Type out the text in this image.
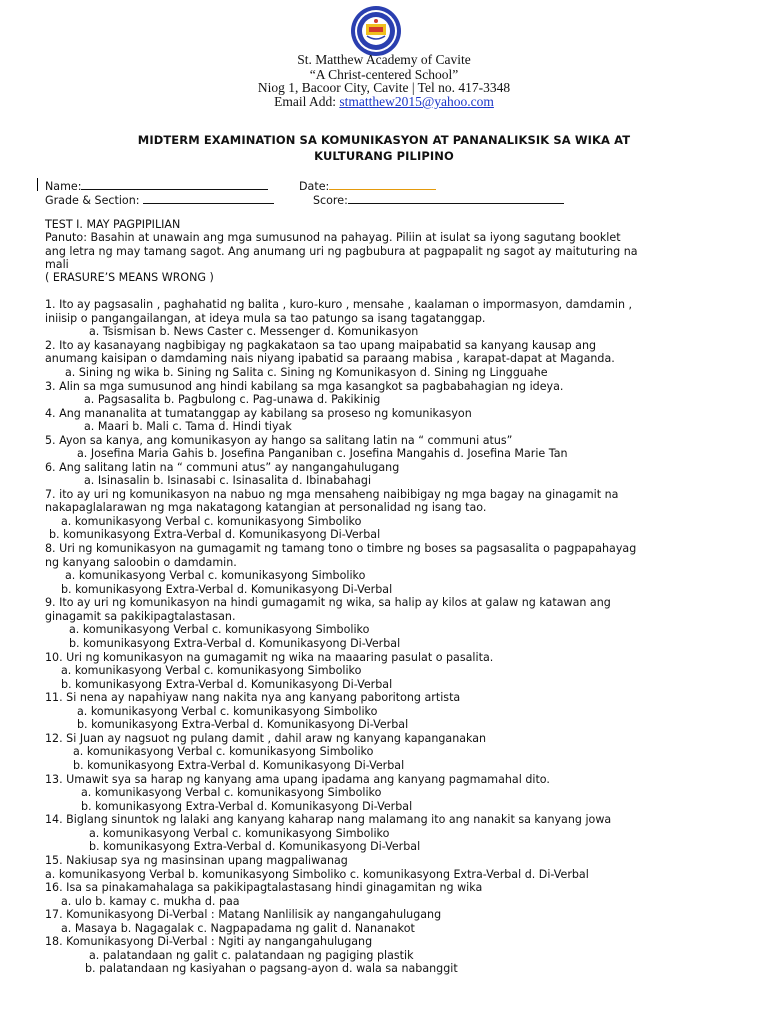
St. Matthew Academy of Cavite
“A Christ-centered School”
Niog 1, Bacoor City, Cavite | Tel no. 417-3348
Email Add: stmatthew2015@yahoo.com
MIDTERM EXAMINATION SA KOMUNIKASYON AT PANANALIKSIK SA WIKA AT
KULTURANG PILIPINO
Name:	Date:
Grade & Section:	Score:
TEST I. MAY PAGPIPILIAN
Panuto: Basahin at unawain ang mga sumusunod na pahayag. Piliin at isulat sa iyong sagutang booklet
ang letra ng may tamang sagot. Ang anumang uri ng pagbubura at pagpapalit ng sagot ay maituturing na
mali
( ERASURE’S MEANS WRONG )
1. Ito ay pagsasalin , paghahatid ng balita , kuro-kuro , mensahe , kaalaman o impormasyon, damdamin ,
iniisip o pangangailangan, at ideya mula sa tao patungo sa isang tagatanggap.
a. Tsismisan b. News Caster c. Messenger d. Komunikasyon
2. Ito ay kasanayang nagbibigay ng pagkakataon sa tao upang maipabatid sa kanyang kausap ang
anumang kaisipan o damdaming nais niyang ipabatid sa paraang mabisa , karapat-dapat at Maganda.
a. Sining ng wika b. Sining ng Salita c. Sining ng Komunikasyon d. Sining ng Lingguahe
3. Alin sa mga sumusunod ang hindi kabilang sa mga kasangkot sa pagbabahagian ng ideya.
a. Pagsasalita b. Pagbulong c. Pag-unawa d. Pakikinig
4. Ang mananalita at tumatanggap ay kabilang sa proseso ng komunikasyon
a. Maari b. Mali c. Tama d. Hindi tiyak
5. Ayon sa kanya, ang komunikasyon ay hango sa salitang latin na “ communi atus”
a. Josefina Maria Gahis b. Josefina Panganiban c. Josefina Mangahis d. Josefina Marie Tan
6. Ang salitang latin na “ communi atus” ay nangangahulugang
a. Isinasalin b. Isinasabi c. Isinasalita d. Ibinabahagi
7. ito ay uri ng komunikasyon na nabuo ng mga mensaheng naibibigay ng mga bagay na ginagamit na
nakapaglalarawan ng mga nakatagong katangian at personalidad ng isang tao.
a. komunikasyong Verbal c. komunikasyong Simboliko
b. komunikasyong Extra-Verbal d. Komunikasyong Di-Verbal
8. Uri ng komunikasyon na gumagamit ng tamang tono o timbre ng boses sa pagsasalita o pagpapahayag
ng kanyang saloobin o damdamin.
a. komunikasyong Verbal c. komunikasyong Simboliko
b. komunikasyong Extra-Verbal d. Komunikasyong Di-Verbal
9. Ito ay uri ng komunikasyon na hindi gumagamit ng wika, sa halip ay kilos at galaw ng katawan ang
ginagamit sa pakikipagtalastasan.
a. komunikasyong Verbal c. komunikasyong Simboliko
b. komunikasyong Extra-Verbal d. Komunikasyong Di-Verbal
10. Uri ng komunikasyon na gumagamit ng wika na maaaring pasulat o pasalita.
a. komunikasyong Verbal c. komunikasyong Simboliko
b. komunikasyong Extra-Verbal d. Komunikasyong Di-Verbal
11. Si nena ay napahiyaw nang nakita nya ang kanyang paboritong artista
a. komunikasyong Verbal c. komunikasyong Simboliko
b. komunikasyong Extra-Verbal d. Komunikasyong Di-Verbal
12. Si Juan ay nagsuot ng pulang damit , dahil araw ng kanyang kapanganakan
a. komunikasyong Verbal c. komunikasyong Simboliko
b. komunikasyong Extra-Verbal d. Komunikasyong Di-Verbal
13. Umawit sya sa harap ng kanyang ama upang ipadama ang kanyang pagmamahal dito.
a. komunikasyong Verbal c. komunikasyong Simboliko
b. komunikasyong Extra-Verbal d. Komunikasyong Di-Verbal
14. Biglang sinuntok ng lalaki ang kanyang kaharap nang malamang ito ang nanakit sa kanyang jowa
a. komunikasyong Verbal c. komunikasyong Simboliko
b. komunikasyong Extra-Verbal d. Komunikasyong Di-Verbal
15. Nakiusap sya ng masinsinan upang magpaliwanag
a. komunikasyong Verbal b. komunikasyong Simboliko c. komunikasyong Extra-Verbal d. Di-Verbal
16. Isa sa pinakamahalaga sa pakikipagtalastasang hindi ginagamitan ng wika
a. ulo b. kamay c. mukha d. paa
17. Komunikasyong Di-Verbal : Matang Nanlilisik ay nangangahulugang
a. Masaya b. Nagagalak c. Nagpapadama ng galit d. Nananakot
18. Komunikasyong Di-Verbal : Ngiti ay nangangahulugang
a. palatandaan ng galit c. palatandaan ng pagiging plastik
b. palatandaan ng kasiyahan o pagsang-ayon d. wala sa nabanggit
